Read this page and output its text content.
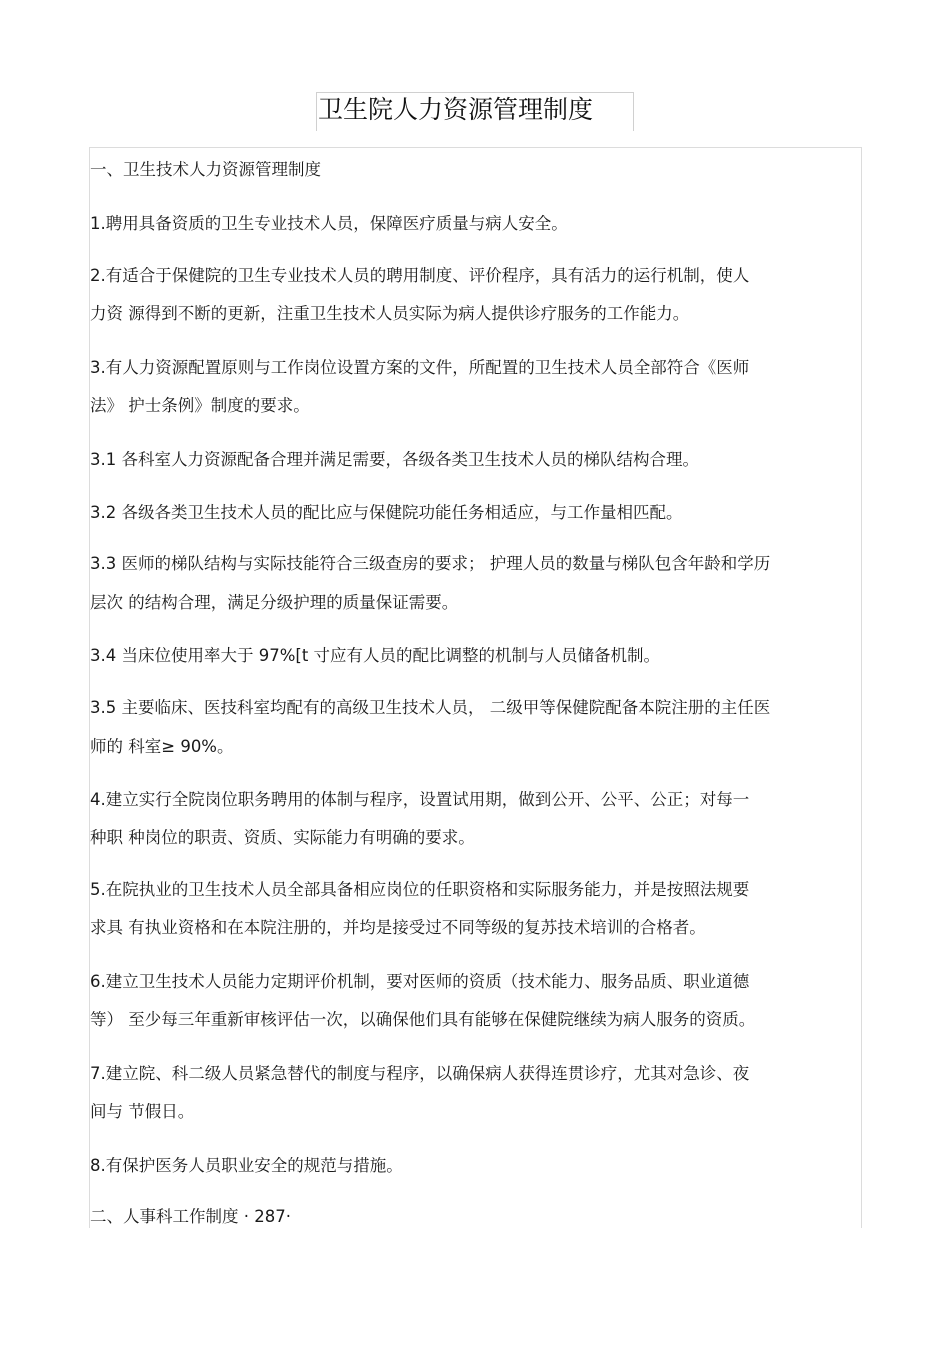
卫生院人力资源管理制度
一、卫生技术人力资源管理制度
1.聘用具备资质的卫生专业技术人员，保障医疗质量与病人安全。
2.有适合于保健院的卫生专业技术人员的聘用制度、评价程序，具有活力的运行机制，使人
力资 源得到不断的更新，注重卫生技术人员实际为病人提供诊疗服务的工作能力。
3.有人力资源配置原则与工作岗位设置方案的文件，所配置的卫生技术人员全部符合《医师
法》 护士条例》制度的要求。
3.1 各科室人力资源配备合理并满足需要，各级各类卫生技术人员的梯队结构合理。
3.2 各级各类卫生技术人员的配比应与保健院功能任务相适应，与工作量相匹配。
3.3 医师的梯队结构与实际技能符合三级查房的要求； 护理人员的数量与梯队包含年龄和学历
层次 的结构合理，满足分级护理的质量保证需要。
3.4 当床位使用率大于 97%[t 寸应有人员的配比调整的机制与人员储备机制。
3.5 主要临床、医技科室均配有的高级卫生技术人员， 二级甲等保健院配备本院注册的主任医
师的 科室≥ 90%。
4.建立实行全院岗位职务聘用的体制与程序，设置试用期，做到公开、公平、公正；对每一
种职 种岗位的职责、资质、实际能力有明确的要求。
5.在院执业的卫生技术人员全部具备相应岗位的任职资格和实际服务能力，并是按照法规要
求具 有执业资格和在本院注册的，并均是接受过不同等级的复苏技术培训的合格者。
6.建立卫生技术人员能力定期评价机制，要对医师的资质（技术能力、服务品质、职业道德
等） 至少每三年重新审核评估一次，以确保他们具有能够在保健院继续为病人服务的资质。
7.建立院、科二级人员紧急替代的制度与程序，以确保病人获得连贯诊疗，尤其对急诊、夜
间与 节假日。
8.有保护医务人员职业安全的规范与措施。
二、人事科工作制度 · 287·
